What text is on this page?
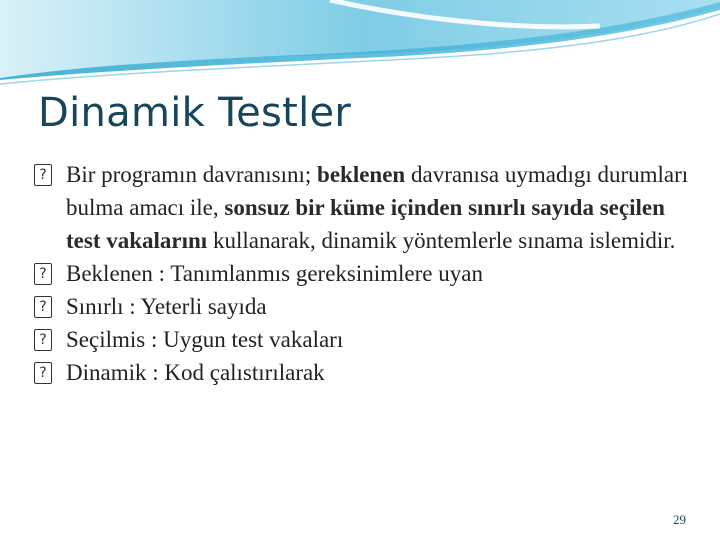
Dinamik Testler

? Bir programın davranısını; beklenen davranısa uymadıgı durumları bulma amacı ile, sonsuz bir küme içinden sınırlı sayıda seçilen test vakalarını kullanarak, dinamik yöntemlerle sınama islemidir.

? Beklenen : Tanımlanmıs gereksinimlere uyan

? Sınırlı : Yeterli sayıda

? Seçilmis : Uygun test vakaları

? Dinamik : Kod çalıstırılarak

29
